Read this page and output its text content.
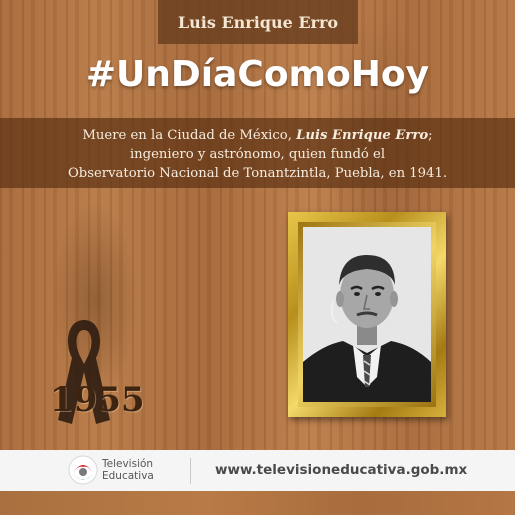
Luis Enrique Erro
#UnDíaComoHoy

Muere en la Ciudad de México, Luis Enrique Erro;
ingeniero y astrónomo, quien fundó el
Observatorio Nacional de Tonantzintla, Puebla, en 1941.

1955
Televisión
Educativa	www.televisioneducativa.gob.mx
